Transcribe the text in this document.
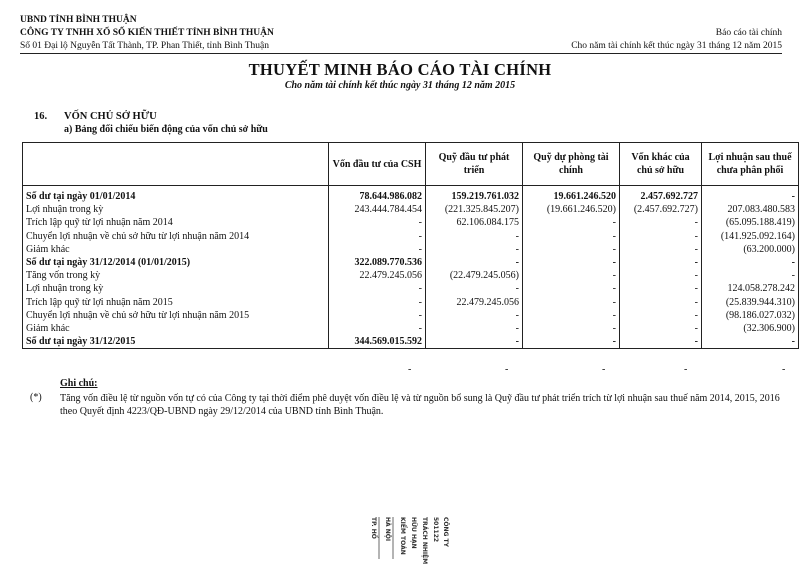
UBND TỈNH BÌNH THUẬN
CÔNG TY TNHH XỔ SỐ KIẾN THIẾT TỈNH BÌNH THUẬN
Số 01 Đại lộ Nguyễn Tất Thành, TP. Phan Thiết, tỉnh Bình Thuận
Báo cáo tài chính
Cho năm tài chính kết thúc ngày 31 tháng 12 năm 2015
THUYẾT MINH BÁO CÁO TÀI CHÍNH
Cho năm tài chính kết thúc ngày 31 tháng 12 năm 2015
16. VỐN CHỦ SỞ HỮU
a) Bảng đối chiếu biến động của vốn chủ sở hữu
	Vốn đầu tư của CSH	Quỹ đầu tư phát triển	Quỹ dự phòng tài chính	Vốn khác của chủ sở hữu	Lợi nhuận sau thuế chưa phân phối

Số dư tại ngày 01/01/2014	78.644.986.082	159.219.761.032	19.661.246.520	2.457.692.727	-
Lợi nhuận trong kỳ	243.444.784.454	(221.325.845.207)	(19.661.246.520)	(2.457.692.727)	207.083.480.583
Trích lập quỹ từ lợi nhuận năm 2014	-	62.106.084.175	-	-	(65.095.188.419)
Chuyển lợi nhuận về chủ sở hữu từ lợi nhuận năm 2014	-	-	-	-	(141.925.092.164)
Giảm khác	-	-	-	-	(63.200.000)
Số dư tại ngày 31/12/2014 (01/01/2015)	322.089.770.536	-	-	-	-
Tăng vốn trong kỳ	22.479.245.056	(22.479.245.056)	-	-	-
Lợi nhuận trong kỳ	-	-	-	-	124.058.278.242
Trích lập quỹ từ lợi nhuận năm 2015	-	22.479.245.056	-	-	(25.839.944.310)
Chuyển lợi nhuận về chủ sở hữu từ lợi nhuận năm 2015	-	-	-	-	(98.186.027.032)
Giảm khác	-	-	-	-	(32.306.900)
Số dư tại ngày 31/12/2015	344.569.015.592	-	-	-	-
-	-	-	-	-
Ghi chú:
(*) Tăng vốn điều lệ từ nguồn vốn tự có của Công ty tại thời điểm phê duyệt vốn điều lệ và từ nguồn bổ sung là Quỹ đầu tư phát triển trích từ lợi nhuận sau thuế năm 2014, 2015, 2016 theo Quyết định 4223/QĐ-UBND ngày 29/12/2014 của UBND tỉnh Bình Thuận.
CÔNG TY
501122
TRÁCH NHIỆM
HỮU HẠN
KIỂM TOÁN
HÀ NỘI
TP. HỒ
